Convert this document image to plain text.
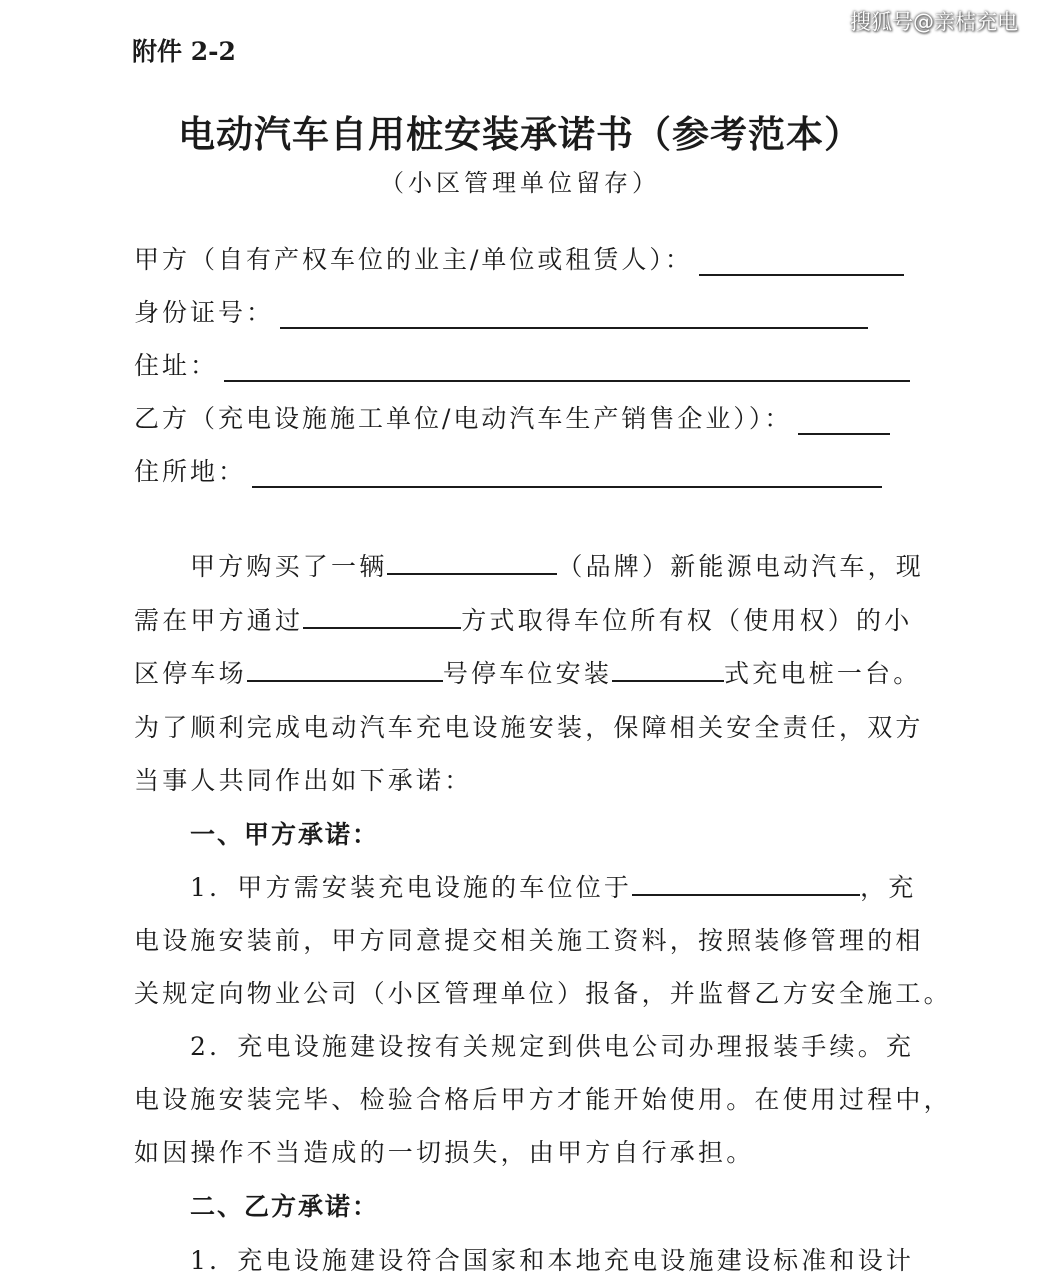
搜狐号@亲桔充电
附件 2-2
电动汽车自用桩安装承诺书（参考范本）
（小区管理单位留存）
甲方（自有产权车位的业主/单位或租赁人）：
身份证号：
住址：
乙方（充电设施施工单位/电动汽车生产销售企业））：
住所地：
甲方购买了一辆	（品牌）新能源电动汽车，现
需在甲方通过	方式取得车位所有权（使用权）的小
区停车场	号停车位安装	式充电桩一台。
为了顺利完成电动汽车充电设施安装，保障相关安全责任，双方
当事人共同作出如下承诺：
一、甲方承诺：
1．甲方需安装充电设施的车位位于	，充
电设施安装前，甲方同意提交相关施工资料，按照装修管理的相
关规定向物业公司（小区管理单位）报备，并监督乙方安全施工。
2．充电设施建设按有关规定到供电公司办理报装手续。充
电设施安装完毕、检验合格后甲方才能开始使用。在使用过程中，
如因操作不当造成的一切损失，由甲方自行承担。
二、乙方承诺：
1．充电设施建设符合国家和本地充电设施建设标准和设计
